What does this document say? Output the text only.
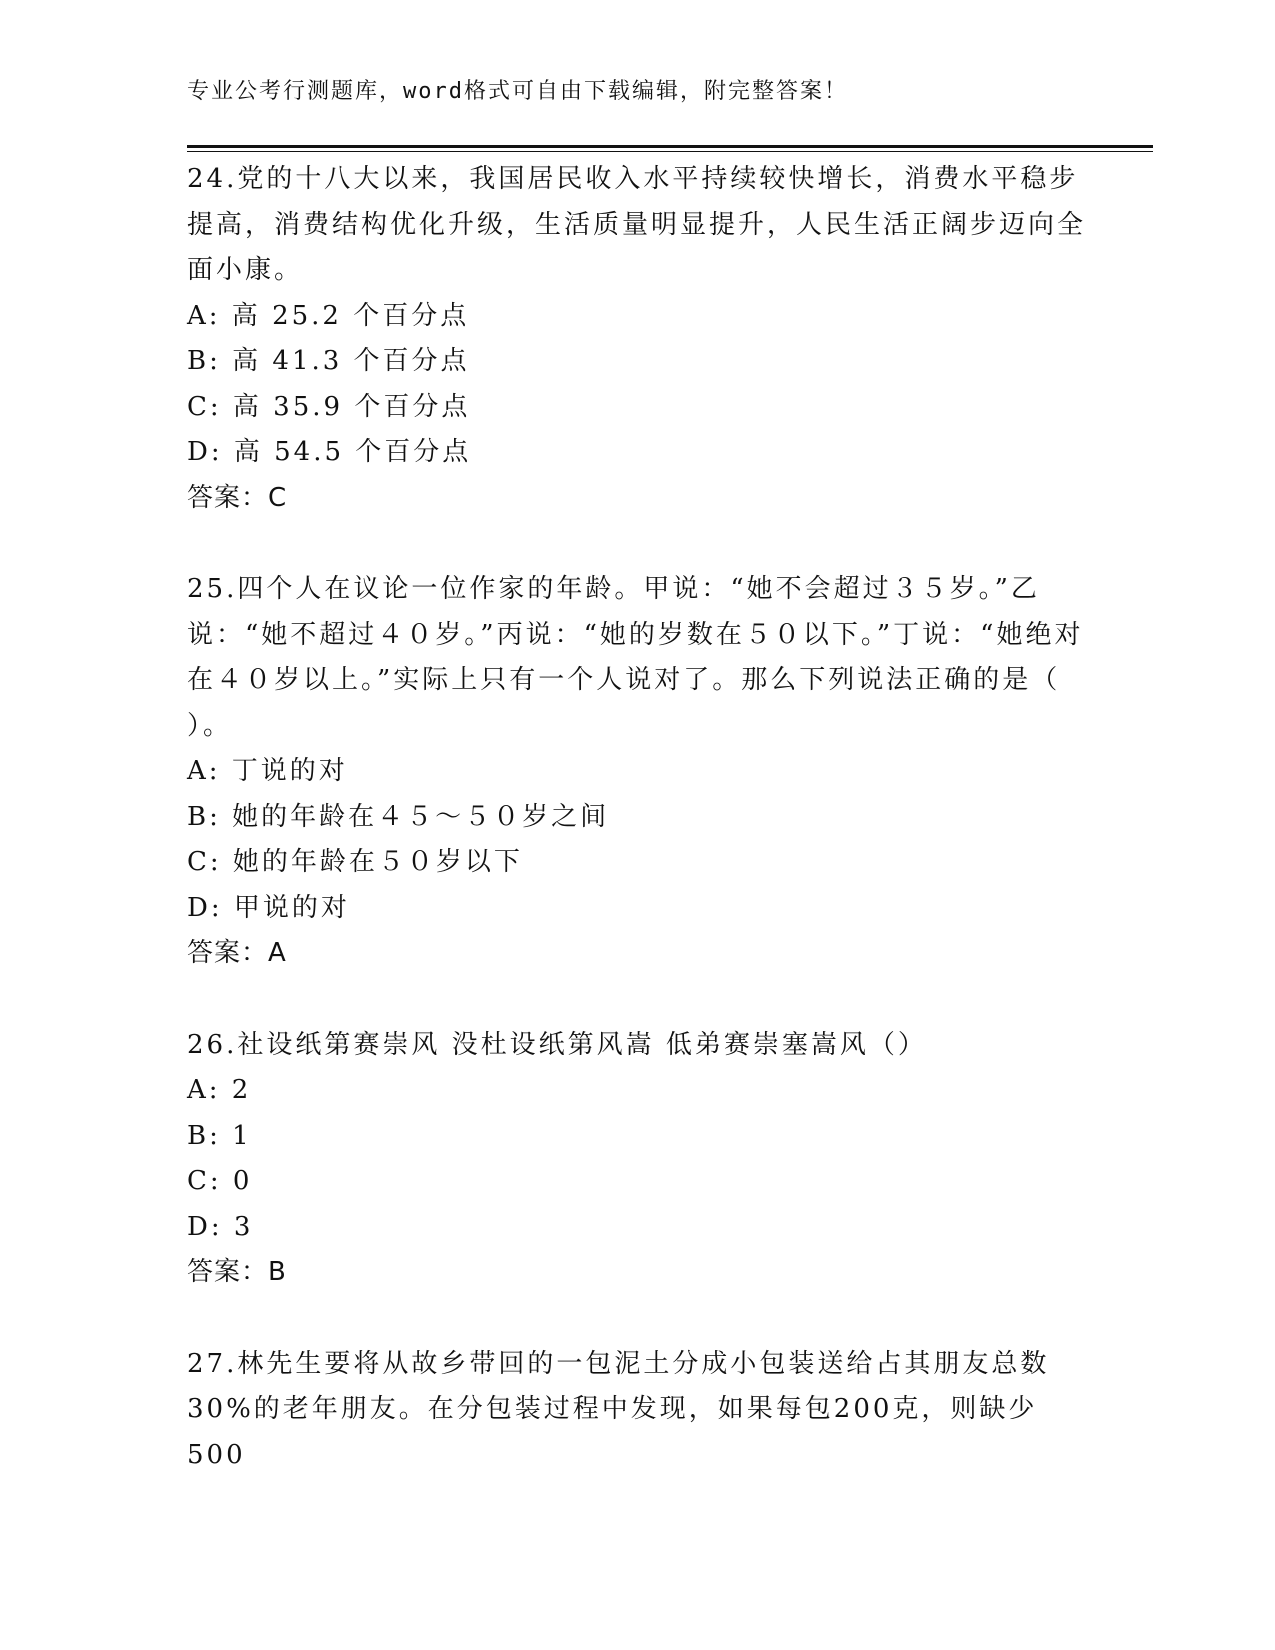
专业公考行测题库，word格式可自由下载编辑，附完整答案！

24.党的十八大以来，我国居民收入水平持续较快增长，消费水平稳步提高，消费结构优化升级，生活质量明显提升，人民生活正阔步迈向全面小康。

A: 高 25.2 个百分点

B: 高 41.3 个百分点

C: 高 35.9 个百分点

D: 高 54.5 个百分点

答案：C

25.四个人在议论一位作家的年龄。甲说：“她不会超过３５岁。”乙说：“她不超过４０岁。”丙说：“她的岁数在５０以下。”丁说：“她绝对在４０岁以上。”实际上只有一个人说对了。那么下列说法正确的是（ ）。

A: 丁说的对

B: 她的年龄在４５～５０岁之间

C: 她的年龄在５０岁以下

D: 甲说的对

答案：A

26.社设纸第赛崇风 没杜设纸第风嵩 低弟赛崇塞嵩风（）

A: 2

B: 1

C: 0

D: 3

答案：B

27.林先生要将从故乡带回的一包泥土分成小包装送给占其朋友总数30%的老年朋友。在分包装过程中发现，如果每包200克，则缺少500
